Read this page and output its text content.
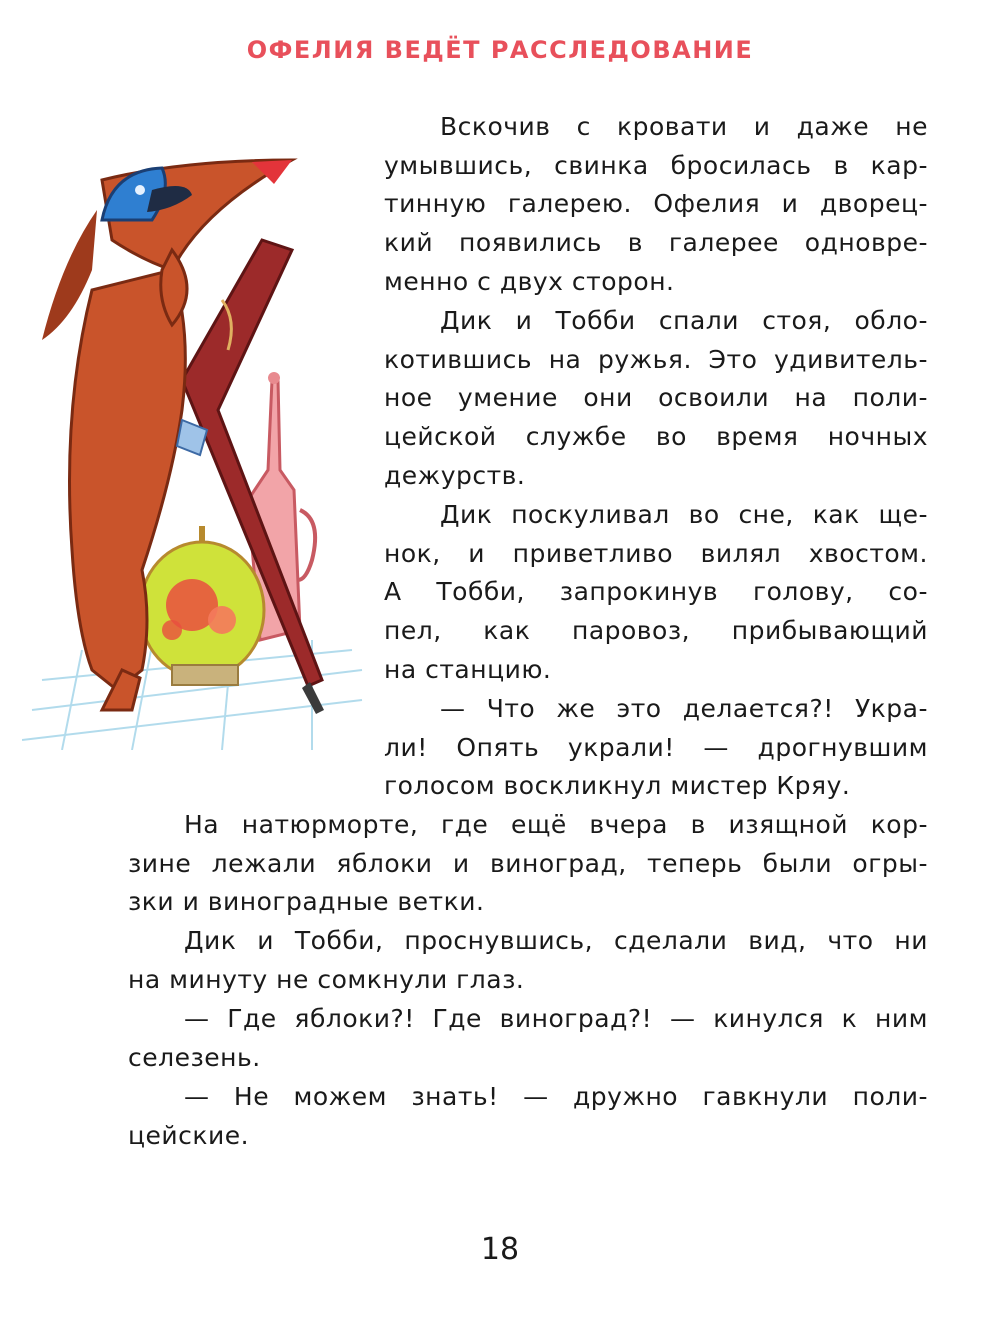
ОФЕЛИЯ ВЕДЁТ РАССЛЕДОВАНИЕ
Вскочив с кровати и даже не
умывшись, свинка бросилась в кар-
тинную галерею. Офелия и дворец-
кий появились в галерее одновре-
менно с двух сторон.
Дик и Тобби спали стоя, обло-
котившись на ружья. Это удивитель-
ное умение они освоили на поли-
цейской службе во время ночных
дежурств.
Дик поскуливал во сне, как ще-
нок, и приветливо вилял хвостом.
А Тобби, запрокинув голову, со-
пел, как паровоз, прибывающий
на станцию.
— Что же это делается?! Укра-
ли! Опять украли! — дрогнувшим
голосом воскликнул мистер Кряу.
На натюрморте, где ещё вчера в изящной кор-
зине лежали яблоки и виноград, теперь были огры-
зки и виноградные ветки.
Дик и Тобби, проснувшись, сделали вид, что ни
на минуту не сомкнули глаз.
— Где яблоки?! Где виноград?! — кинулся к ним
селезень.
— Не можем знать! — дружно гавкнули поли-
цейские.
18
